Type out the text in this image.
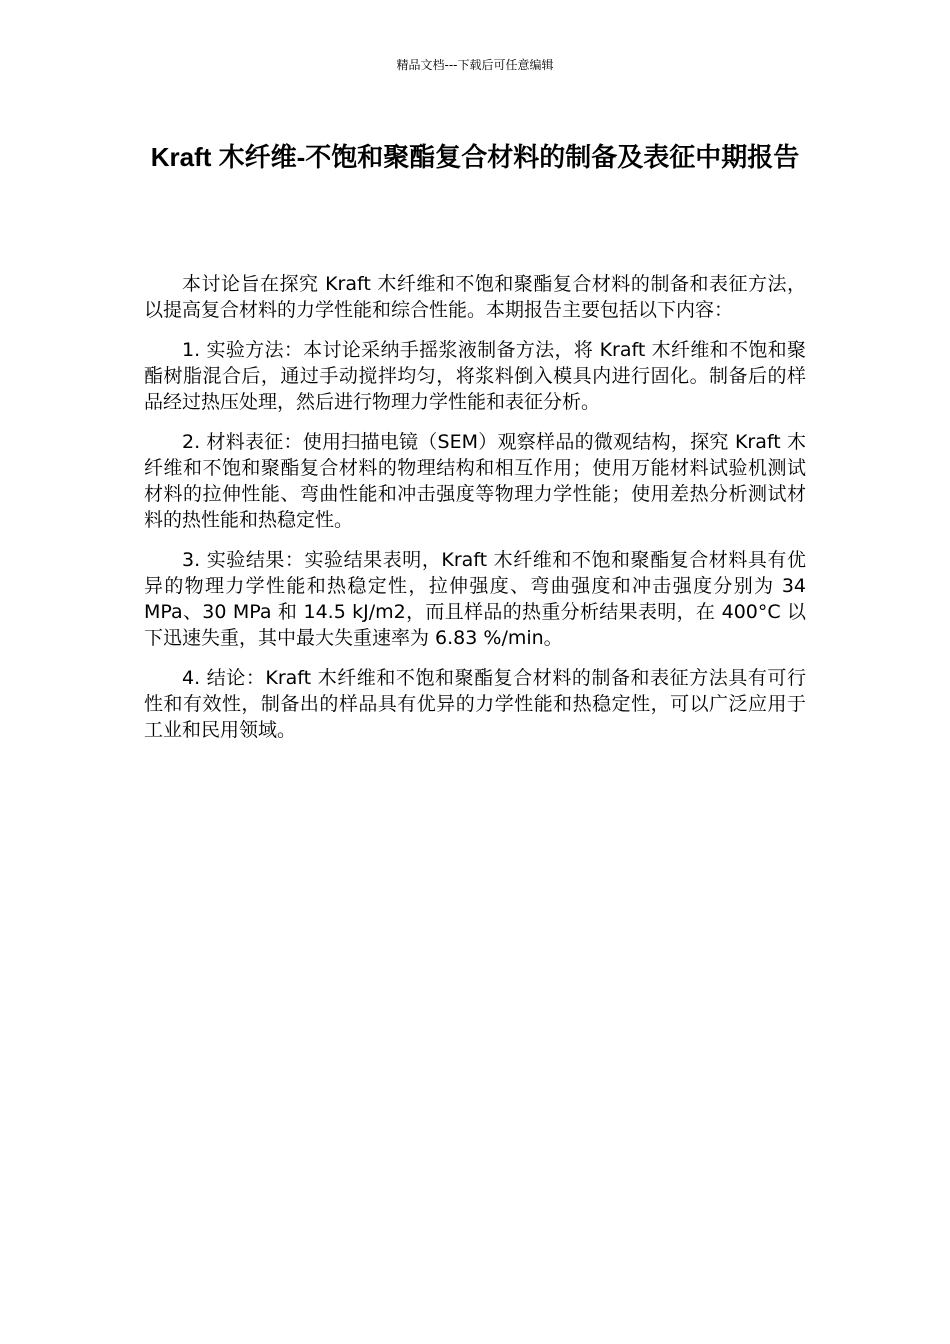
精品文档---下载后可任意编辑
Kraft 木纤维-不饱和聚酯复合材料的制备及表征中期报告

本讨论旨在探究 Kraft 木纤维和不饱和聚酯复合材料的制备和表征方法，以提高复合材料的力学性能和综合性能。本期报告主要包括以下内容：

1. 实验方法：本讨论采纳手摇浆液制备方法，将 Kraft 木纤维和不饱和聚酯树脂混合后，通过手动搅拌均匀，将浆料倒入模具内进行固化。制备后的样品经过热压处理，然后进行物理力学性能和表征分析。

2. 材料表征：使用扫描电镜（SEM）观察样品的微观结构，探究 Kraft 木纤维和不饱和聚酯复合材料的物理结构和相互作用；使用万能材料试验机测试材料的拉伸性能、弯曲性能和冲击强度等物理力学性能；使用差热分析测试材料的热性能和热稳定性。

3. 实验结果：实验结果表明，Kraft 木纤维和不饱和聚酯复合材料具有优异的物理力学性能和热稳定性，拉伸强度、弯曲强度和冲击强度分别为 34 MPa、30 MPa 和 14.5 kJ/m2，而且样品的热重分析结果表明，在 400°C 以下迅速失重，其中最大失重速率为 6.83 %/min。

4. 结论：Kraft 木纤维和不饱和聚酯复合材料的制备和表征方法具有可行性和有效性，制备出的样品具有优异的力学性能和热稳定性，可以广泛应用于工业和民用领域。
